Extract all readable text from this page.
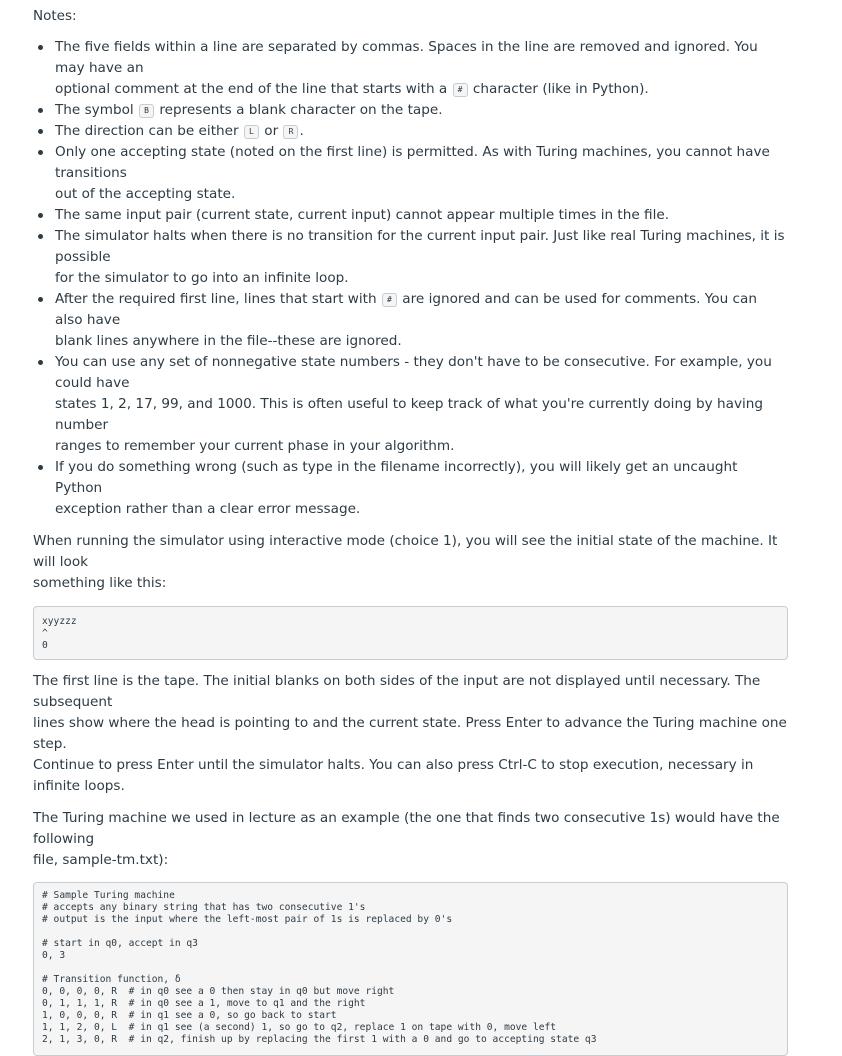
Notes:
The five fields within a line are separated by commas. Spaces in the line are removed and ignored. You may have an
optional comment at the end of the line that starts with a # character (like in Python).
The symbol B represents a blank character on the tape.
The direction can be either L or R .
Only one accepting state (noted on the first line) is permitted. As with Turing machines, you cannot have transitions
out of the accepting state.
The same input pair (current state, current input) cannot appear multiple times in the file.
The simulator halts when there is no transition for the current input pair. Just like real Turing machines, it is possible
for the simulator to go into an infinite loop.
After the required first line, lines that start with # are ignored and can be used for comments. You can also have
blank lines anywhere in the file--these are ignored.
You can use any set of nonnegative state numbers - they don't have to be consecutive. For example, you could have
states 1, 2, 17, 99, and 1000. This is often useful to keep track of what you're currently doing by having number
ranges to remember your current phase in your algorithm.
If you do something wrong (such as type in the filename incorrectly), you will likely get an uncaught Python
exception rather than a clear error message.

When running the simulator using interactive mode (choice 1), you will see the initial state of the machine. It will look
something like this:

xyyzzz
^
0

The first line is the tape. The initial blanks on both sides of the input are not displayed until necessary. The subsequent
lines show where the head is pointing to and the current state. Press Enter to advance the Turing machine one step.
Continue to press Enter until the simulator halts. You can also press Ctrl-C to stop execution, necessary in infinite loops.

The Turing machine we used in lecture as an example (the one that finds two consecutive 1s) would have the following
file, sample-tm.txt):

# Sample Turing machine
# accepts any binary string that has two consecutive 1's
# output is the input where the left-most pair of 1s is replaced by 0's
# start in q0, accept in q3
0, 3
# Transition function, δ
0, 0, 0, 0, R  # in q0 see a 0 then stay in q0 but move right
0, 1, 1, 1, R  # in q0 see a 1, move to q1 and the right
1, 0, 0, 0, R  # in q1 see a 0, so go back to start
1, 1, 2, 0, L  # in q1 see (a second) 1, so go to q2, replace 1 on tape with 0, move left
2, 1, 3, 0, R  # in q2, finish up by replacing the first 1 with a 0 and go to accepting state q3
